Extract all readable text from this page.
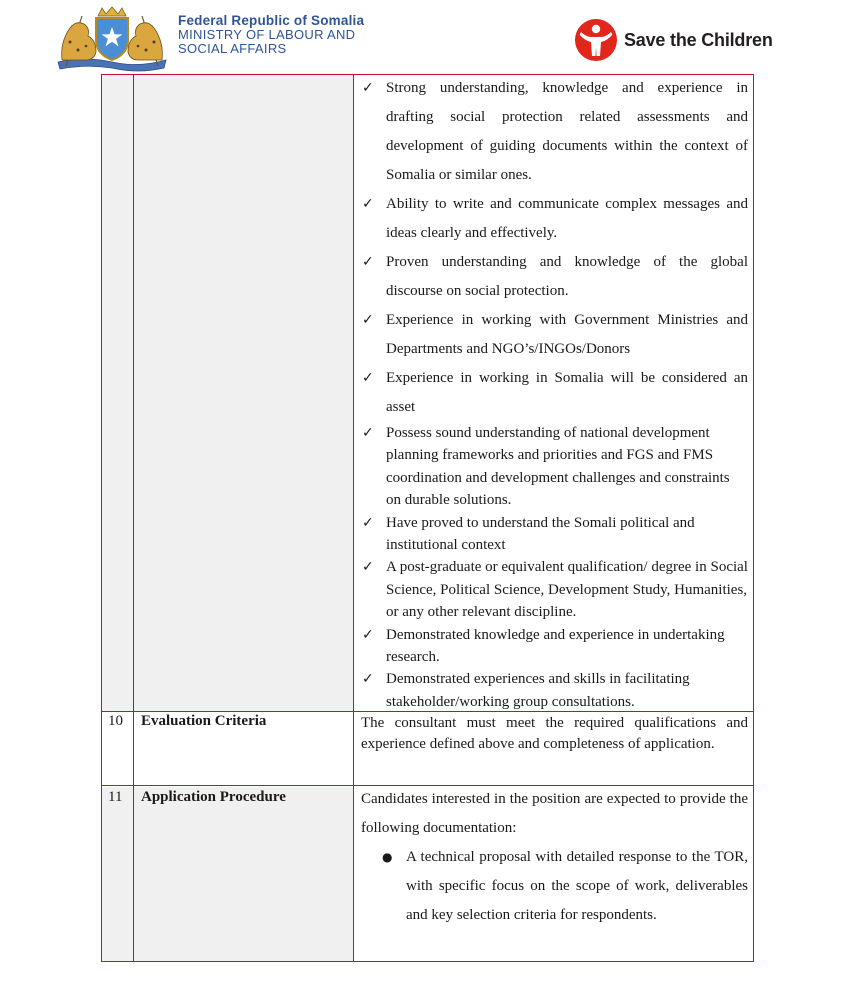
Federal Republic of Somalia
MINISTRY OF LABOUR AND
SOCIAL AFFAIRS	Save the Children
✓ Strong understanding, knowledge and experience in drafting social protection related assessments and development of guiding documents within the context of Somalia or similar ones.
✓ Ability to write and communicate complex messages and ideas clearly and effectively.
✓ Proven understanding and knowledge of the global discourse on social protection.
✓ Experience in working with Government Ministries and Departments and NGO’s/INGOs/Donors
✓ Experience in working in Somalia will be considered an asset
✓ Possess sound understanding of national development planning frameworks and priorities and FGS and FMS coordination and development challenges and constraints on durable solutions.
✓ Have proved to understand the Somali political and institutional context
✓ A post-graduate or equivalent qualification/ degree in Social Science, Political Science, Development Study, Humanities, or any other relevant discipline.
✓ Demonstrated knowledge and experience in undertaking research.
✓ Demonstrated experiences and skills in facilitating stakeholder/working group consultations.
10 Evaluation Criteria	The consultant must meet the required qualifications and experience defined above and completeness of application.
11 Application Procedure	Candidates interested in the position are expected to provide the following documentation:
● A technical proposal with detailed response to the TOR, with specific focus on the scope of work, deliverables and key selection criteria for respondents.
